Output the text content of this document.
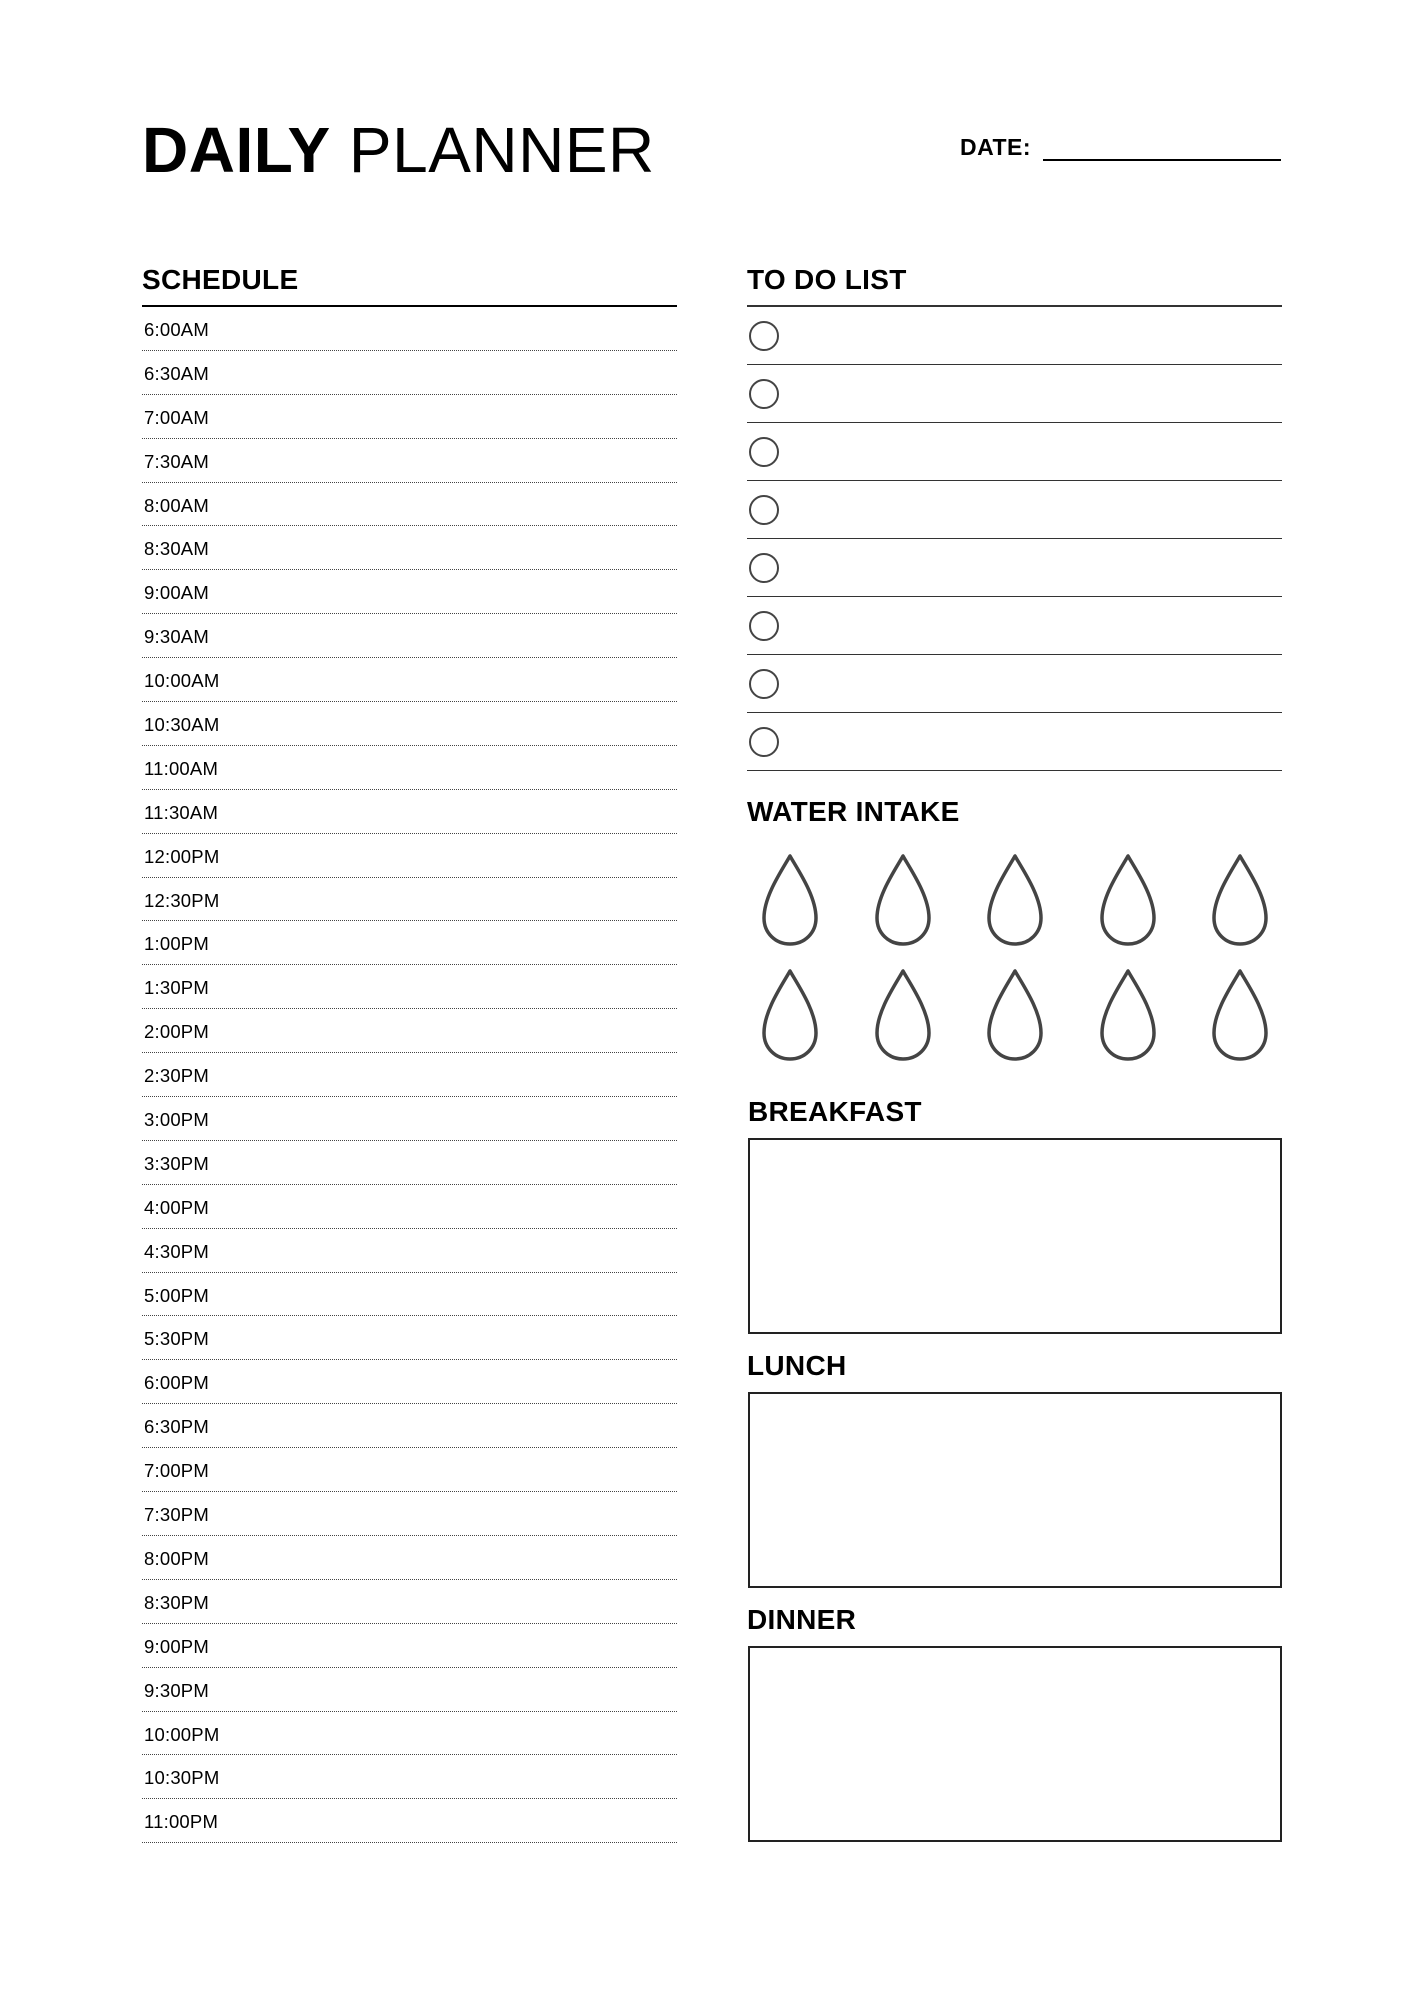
DAILY PLANNER	DATE:
SCHEDULE
6:00AM
6:30AM
7:00AM
7:30AM
8:00AM
8:30AM
9:00AM
9:30AM
10:00AM
10:30AM
11:00AM
11:30AM
12:00PM
12:30PM
1:00PM
1:30PM
2:00PM
2:30PM
3:00PM
3:30PM
4:00PM
4:30PM
5:00PM
5:30PM
6:00PM
6:30PM
7:00PM
7:30PM
8:00PM
8:30PM
9:00PM
9:30PM
10:00PM
10:30PM
11:00PM
TO DO LIST
WATER INTAKE
BREAKFAST
LUNCH
DINNER
